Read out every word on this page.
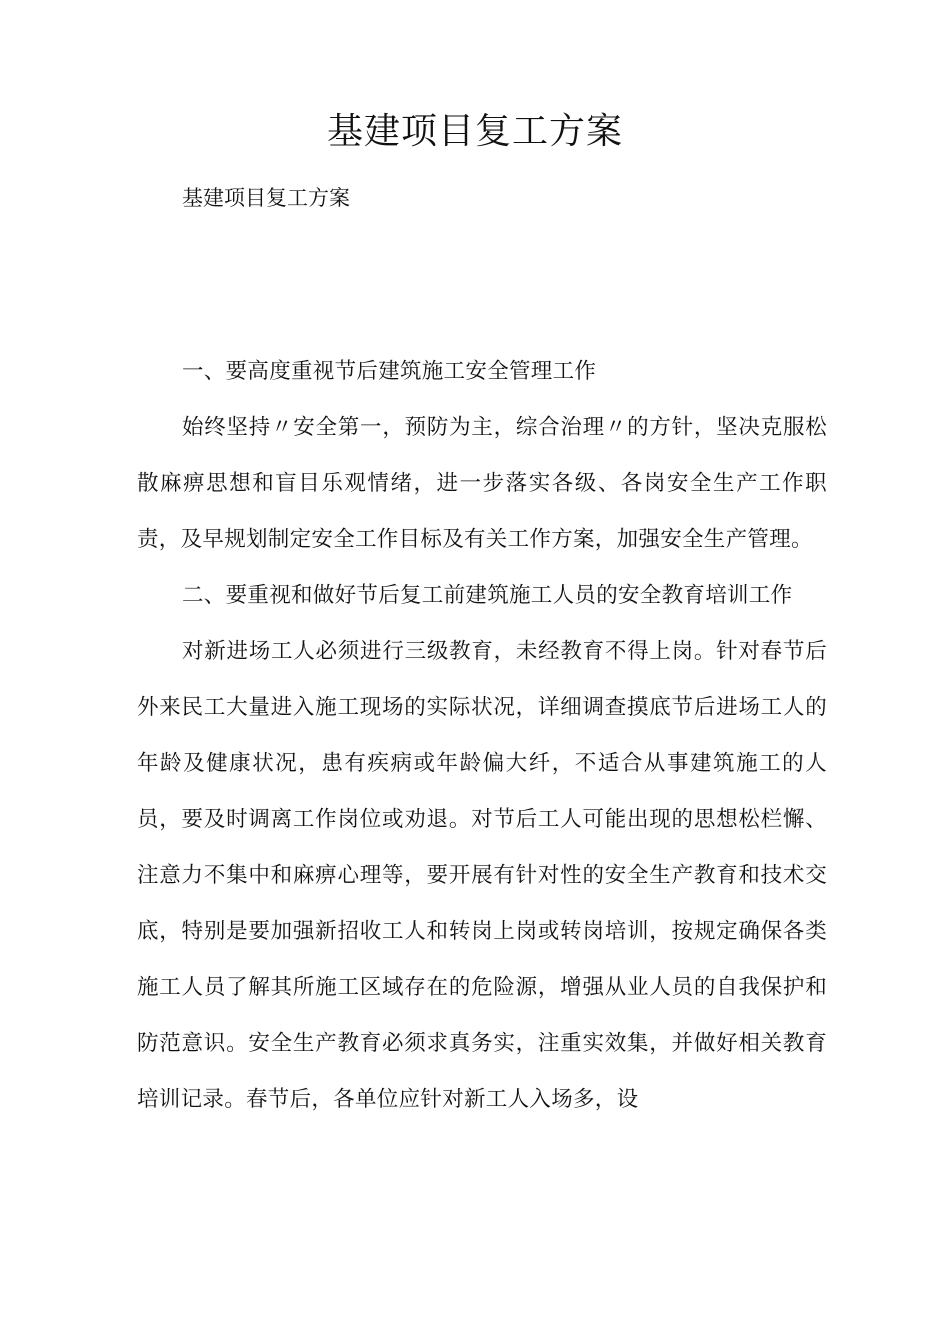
基建项目复工方案

基建项目复工方案

一、要高度重视节后建筑施工安全管理工作

始终坚持〃安全第一，预防为主，综合治理〃的方针，坚决克服松散麻痹思想和盲目乐观情绪，进一步落实各级、各岗安全生产工作职责，及早规划制定安全工作目标及有关工作方案，加强安全生产管理。

二、要重视和做好节后复工前建筑施工人员的安全教育培训工作

对新进场工人必须进行三级教育，未经教育不得上岗。针对春节后外来民工大量进入施工现场的实际状况，详细调查摸底节后进场工人的年龄及健康状况，患有疾病或年龄偏大纤，不适合从事建筑施工的人员，要及时调离工作岗位或劝退。对节后工人可能出现的思想松栏懈、注意力不集中和麻痹心理等，要开展有针对性的安全生产教育和技术交底，特别是要加强新招收工人和转岗上岗或转岗培训，按规定确保各类施工人员了解其所施工区域存在的危险源，增强从业人员的自我保护和防范意识。安全生产教育必须求真务实，注重实效集，并做好相关教育培训记录。春节后，各单位应针对新工人入场多，设
